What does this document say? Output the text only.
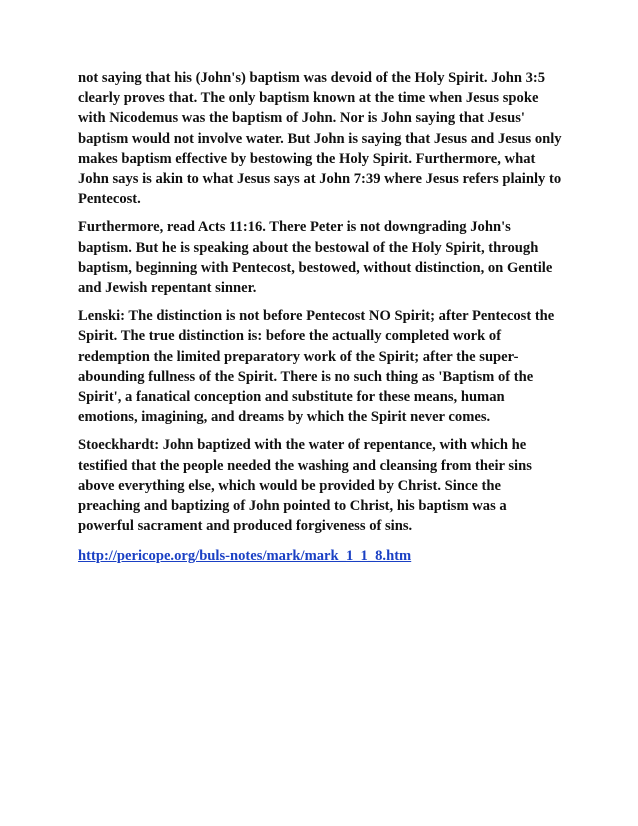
not saying that his (John's) baptism was devoid of the Holy Spirit. John 3:5
clearly proves that. The only baptism known at the time when Jesus spoke
with Nicodemus was the baptism of John. Nor is John saying that Jesus'
baptism would not involve water. But John is saying that Jesus and Jesus only
makes baptism effective by bestowing the Holy Spirit. Furthermore, what
John says is akin to what Jesus says at John 7:39 where Jesus refers plainly to
Pentecost.

Furthermore, read Acts 11:16. There Peter is not downgrading John's
baptism. But he is speaking about the bestowal of the Holy Spirit, through
baptism, beginning with Pentecost, bestowed, without distinction, on Gentile
and Jewish repentant sinner.

Lenski: The distinction is not before Pentecost NO Spirit; after Pentecost the
Spirit. The true distinction is: before the actually completed work of
redemption the limited preparatory work of the Spirit; after the super-
abounding fullness of the Spirit. There is no such thing as 'Baptism of the
Spirit', a fanatical conception and substitute for these means, human
emotions, imagining, and dreams by which the Spirit never comes.

Stoeckhardt: John baptized with the water of repentance, with which he
testified that the people needed the washing and cleansing from their sins
above everything else, which would be provided by Christ. Since the
preaching and baptizing of John pointed to Christ, his baptism was a
powerful sacrament and produced forgiveness of sins.

http://pericope.org/buls-notes/mark/mark_1_1_8.htm
